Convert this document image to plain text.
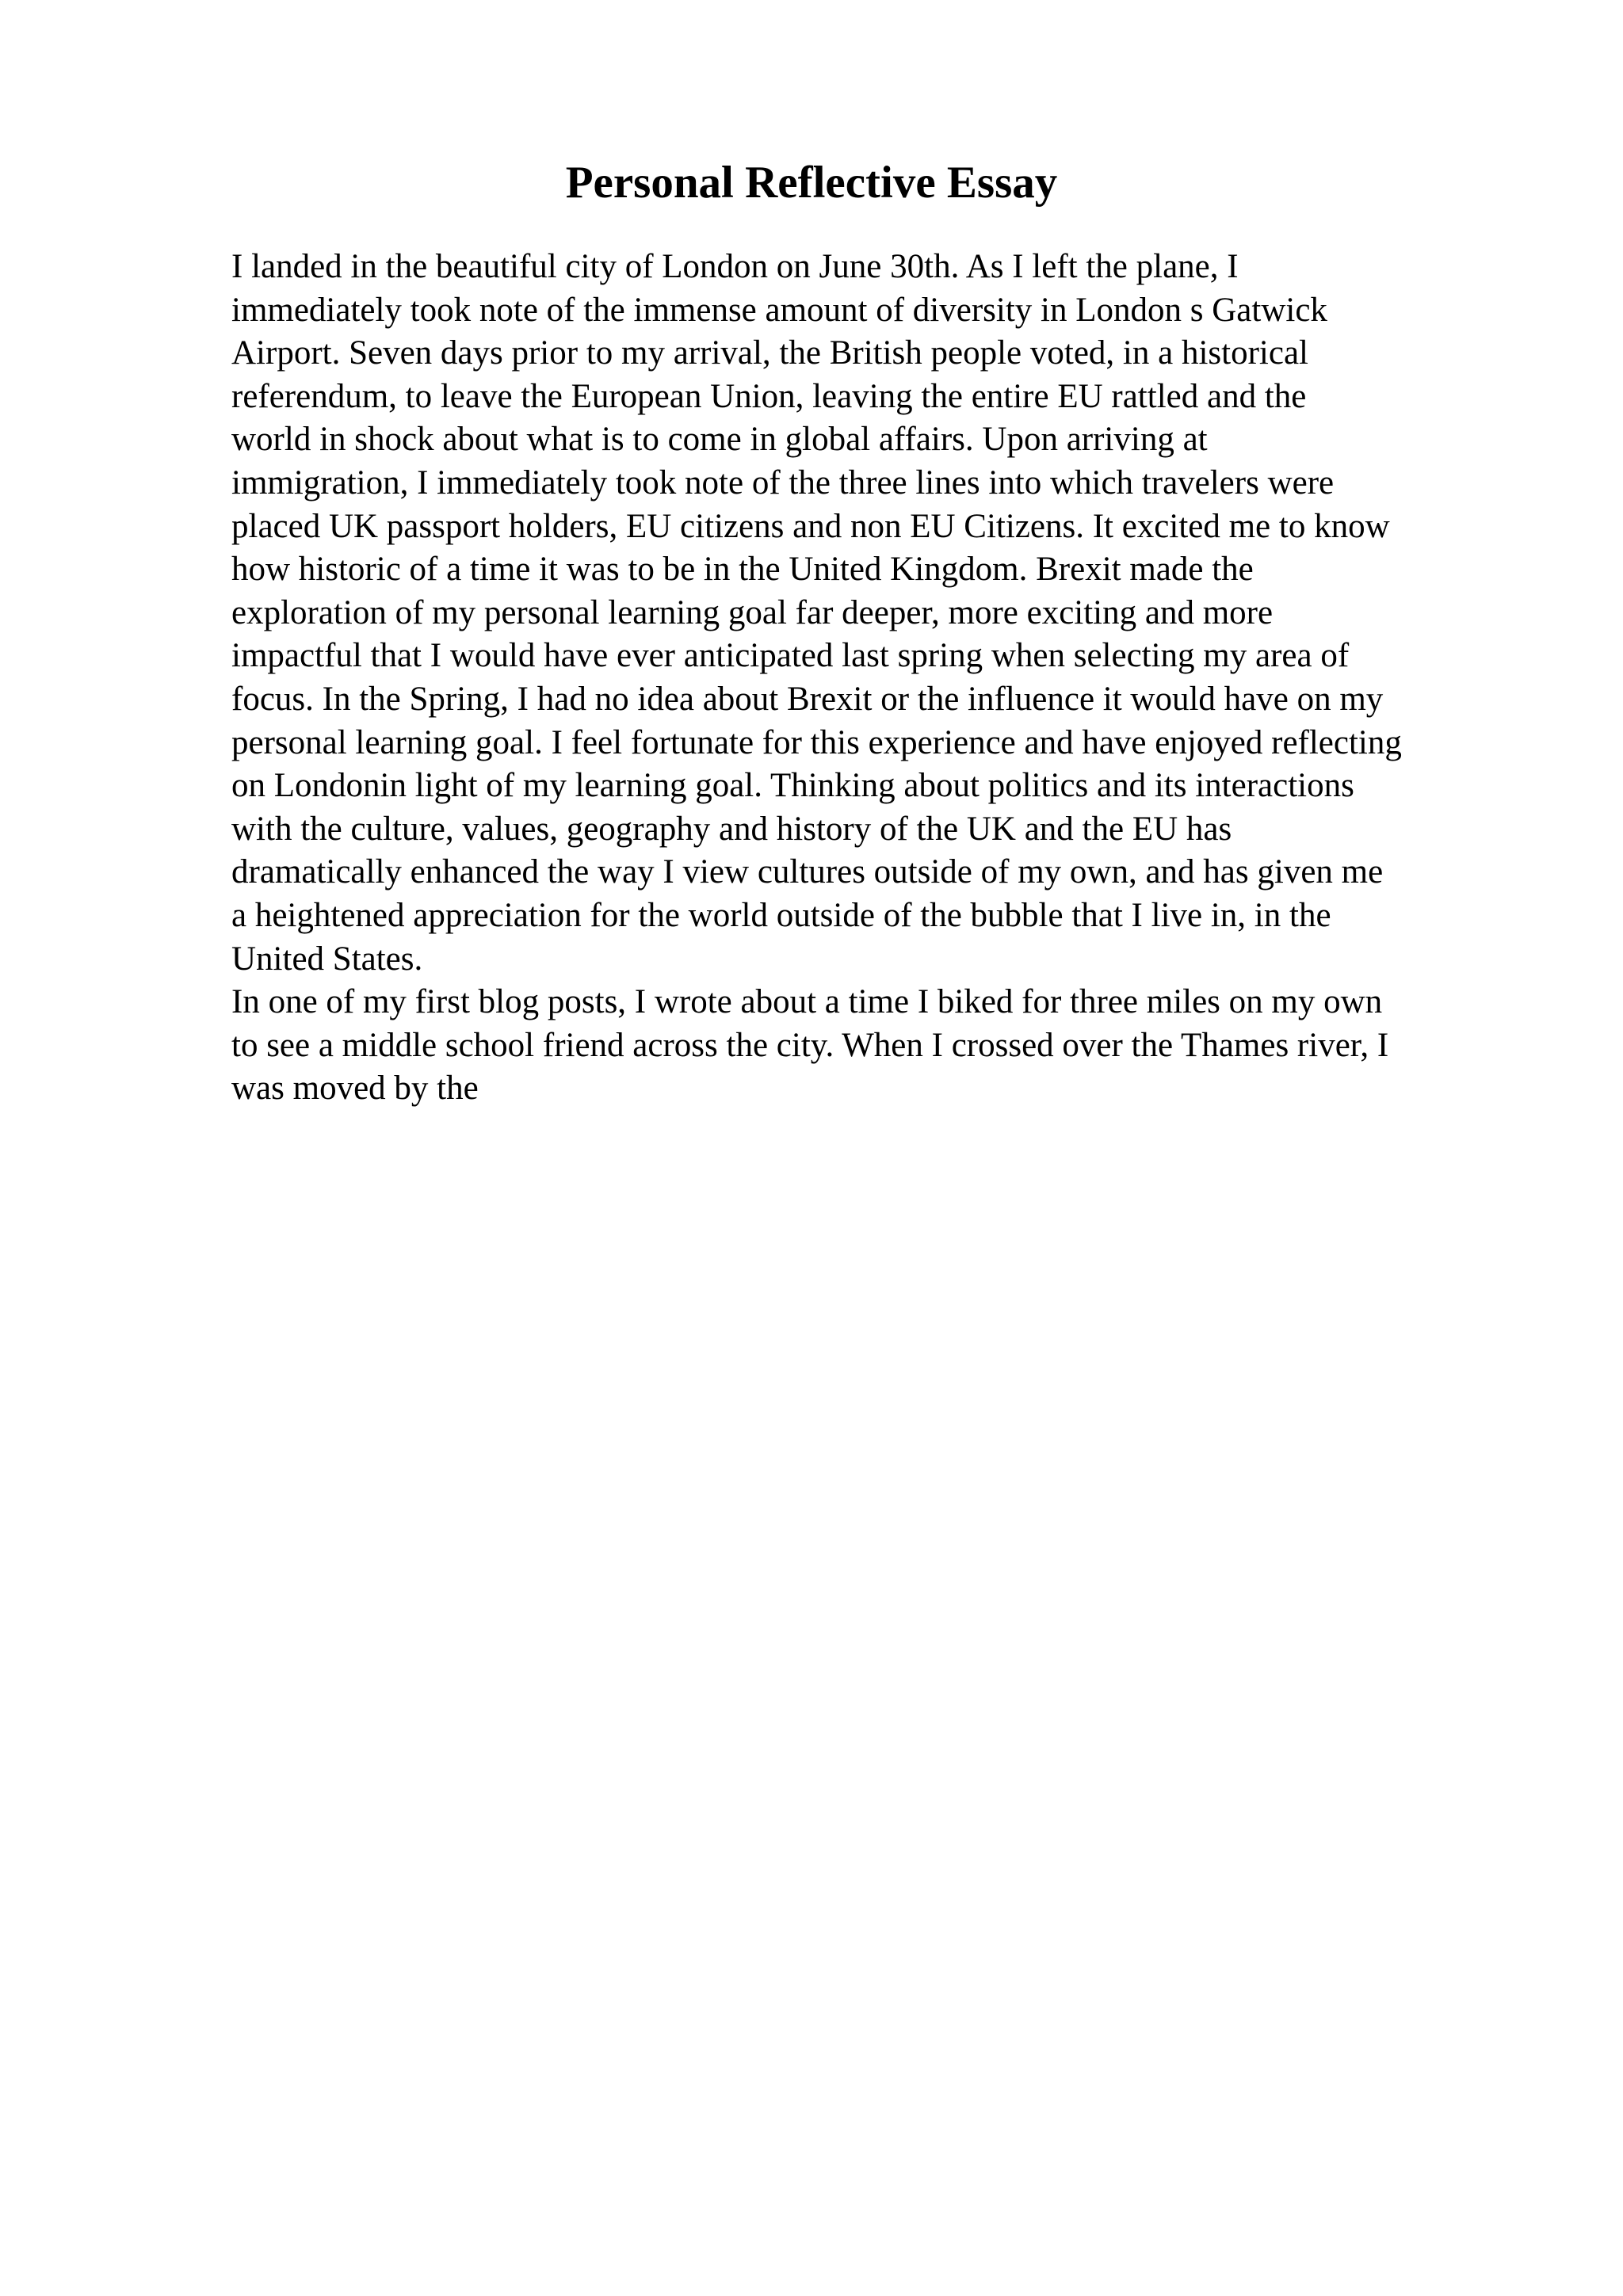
Personal Reflective Essay
I landed in the beautiful city of London on June 30th. As I left the plane, I
immediately took note of the immense amount of diversity in London s Gatwick
Airport. Seven days prior to my arrival, the British people voted, in a historical
referendum, to leave the European Union, leaving the entire EU rattled and the
world in shock about what is to come in global affairs. Upon arriving at
immigration, I immediately took note of the three lines into which travelers were
placed UK passport holders, EU citizens and non EU Citizens. It excited me to know
how historic of a time it was to be in the United Kingdom. Brexit made the
exploration of my personal learning goal far deeper, more exciting and more
impactful that I would have ever anticipated last spring when selecting my area of
focus. In the Spring, I had no idea about Brexit or the influence it would have on my
personal learning goal. I feel fortunate for this experience and have enjoyed reflecting
on Londonin light of my learning goal. Thinking about politics and its interactions
with the culture, values, geography and history of the UK and the EU has
dramatically enhanced the way I view cultures outside of my own, and has given me
a heightened appreciation for the world outside of the bubble that I live in, in the
United States.
In one of my first blog posts, I wrote about a time I biked for three miles on my own
to see a middle school friend across the city. When I crossed over the Thames river, I
was moved by the
